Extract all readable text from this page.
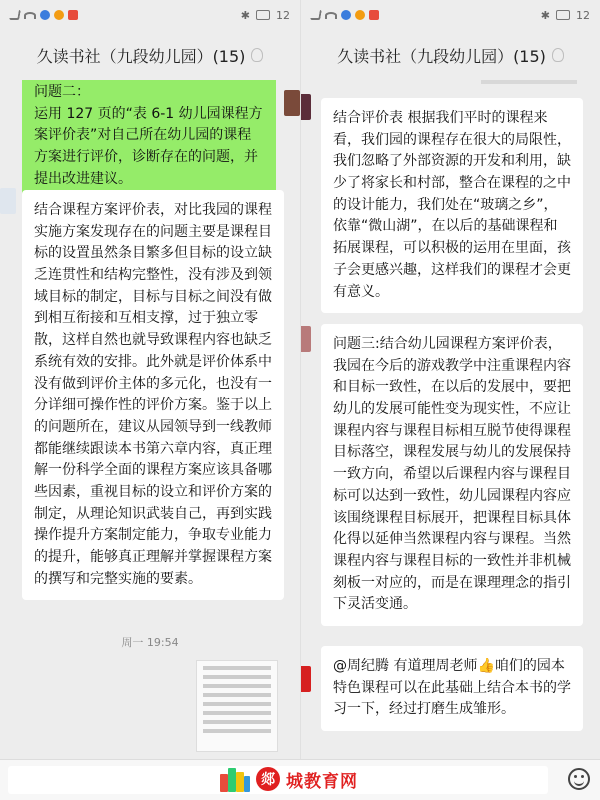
✱ 12
久读书社（九段幼儿园）(15)
问题二：
运用 127 页的“表 6-1 幼儿园课程方案评价表”对自己所在幼儿园的课程方案进行评价，诊断存在的问题，并提出改进建议。
结合课程方案评价表，对比我园的课程实施方案发现存在的问题主要是课程目标的设置虽然条目繁多但目标的设立缺乏连贯性和结构完整性，没有涉及到领域目标的制定，目标与目标之间没有做到相互衔接和互相支撑，过于独立零散，这样自然也就导致课程内容也缺乏系统有效的安排。此外就是评价体系中没有做到评价主体的多元化，也没有一分详细可操作性的评价方案。鉴于以上的问题所在，建议从园领导到一线教师都能继续跟读本书第六章内容，真正理解一份科学全面的课程方案应该具备哪些因素，重视目标的设立和评价方案的制定，从理论知识武装自己，再到实践操作提升方案制定能力，争取专业能力的提升，能够真正理解并掌握课程方案的撰写和完整实施的要素。
周一 19:54
✱ 12
久读书社（九段幼儿园）(15)
结合评价表 根据我们平时的课程来看，我们园的课程存在很大的局限性，我们忽略了外部资源的开发和利用，缺少了将家长和村部，整合在课程的之中的设计能力，我们处在“玻璃之乡”，依靠“微山湖”，在以后的基础课程和拓展课程，可以积极的运用在里面，孩子会更感兴趣，这样我们的课程才会更有意义。
问题三:结合幼儿园课程方案评价表，我园在今后的游戏教学中注重课程内容和目标一致性，在以后的发展中，要把幼儿的发展可能性变为现实性，不应让课程内容与课程目标相互脱节使得课程目标落空，课程发展与幼儿的发展保持一致方向，希望以后课程内容与课程目标可以达到一致性，幼儿园课程内容应该围绕课程目标展开，把课程目标具体化得以延伸当然课程内容与课程。当然课程内容与课程目标的一致性并非机械刻板一对应的，而是在课理理念的指引下灵活变通。
@周纪腾 有道理周老师👍咱们的园本特色课程可以在此基础上结合本书的学习一下，经过打磨生成雏形。
郯 城教育网
